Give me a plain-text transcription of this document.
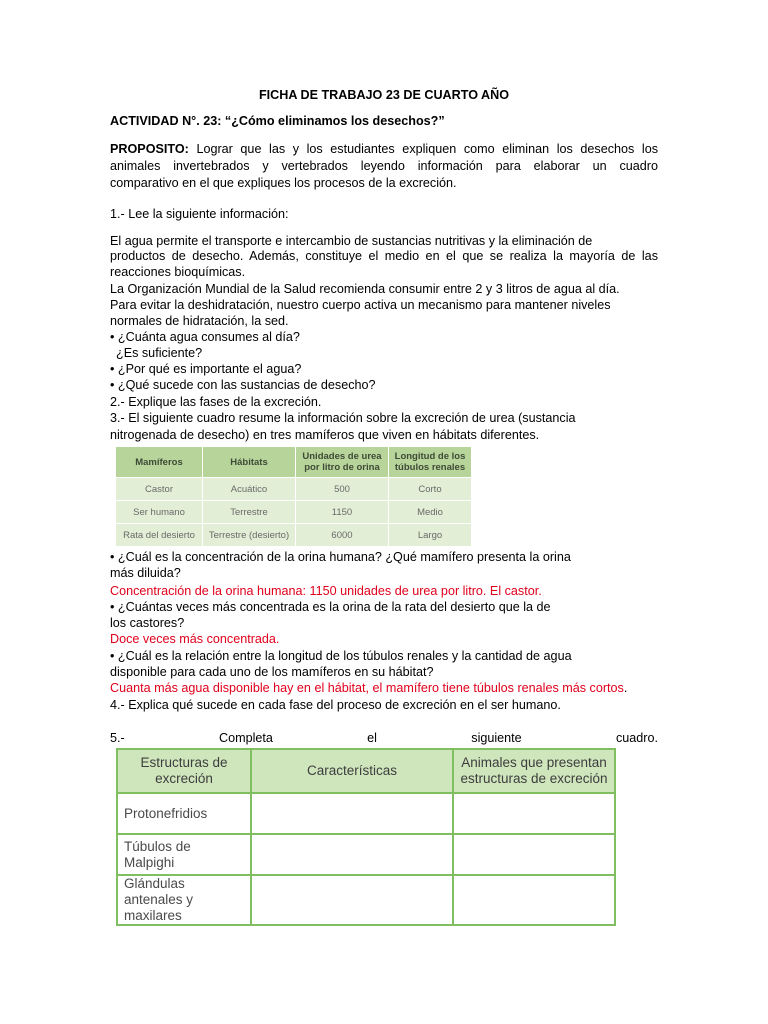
FICHA DE TRABAJO 23 DE CUARTO AÑO
ACTIVIDAD N°. 23: “¿Cómo eliminamos los desechos?”
PROPOSITO: Lograr que las y los estudiantes expliquen como eliminan los desechos los
animales invertebrados y vertebrados leyendo información para elaborar un cuadro
comparativo en el que expliques los procesos de la excreción.
1.- Lee la siguiente información:
El agua permite el transporte e intercambio de sustancias nutritivas y la eliminación de
productos de desecho. Además, constituye el medio en el que se realiza la mayoría de las
reacciones bioquímicas.
La Organización Mundial de la Salud recomienda consumir entre 2 y 3 litros de agua al día.
Para evitar la deshidratación, nuestro cuerpo activa un mecanismo para mantener niveles
normales de hidratación, la sed.
• ¿Cuánta agua consumes al día?
¿Es suficiente?
• ¿Por qué es importante el agua?
• ¿Qué sucede con las sustancias de desecho?
2.- Explique las fases de la excreción.
3.- El siguiente cuadro resume la información sobre la excreción de urea (sustancia
nitrogenada de desecho) en tres mamíferos que viven en hábitats diferentes.
Mamíferos	Hábitats	Unidades de urea por litro de orina	Longitud de los túbulos renales
Castor	Acuático	500	Corto
Ser humano	Terrestre	1150	Medio
Rata del desierto	Terrestre (desierto)	6000	Largo
• ¿Cuál es la concentración de la orina humana? ¿Qué mamífero presenta la orina
más diluida?
Concentración de la orina humana: 1150 unidades de urea por litro. El castor.
• ¿Cuántas veces más concentrada es la orina de la rata del desierto que la de
los castores?
Doce veces más concentrada.
• ¿Cuál es la relación entre la longitud de los túbulos renales y la cantidad de agua
disponible para cada uno de los mamíferos en su hábitat?
Cuanta más agua disponible hay en el hábitat, el mamífero tiene túbulos renales más cortos.
4.- Explica qué sucede en cada fase del proceso de excreción en el ser humano.
5.-	Completa	el	siguiente	cuadro.
Estructuras de excreción	Características	Animales que presentan estructuras de excreción
Protonefridios		
Túbulos de Malpighi		
Glándulas antenales y maxilares		
